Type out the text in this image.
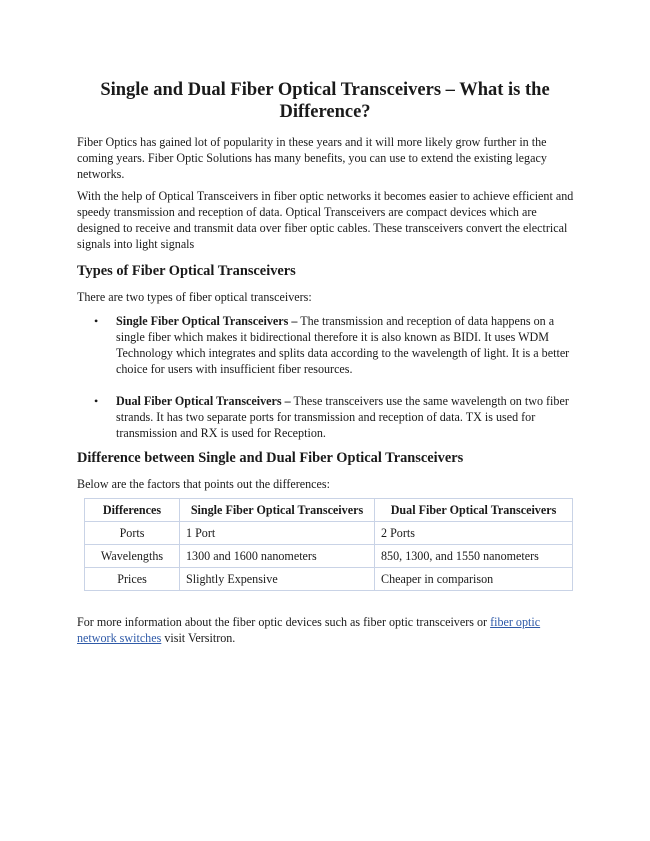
Single and Dual Fiber Optical Transceivers – What is the Difference?

Fiber Optics has gained lot of popularity in these years and it will more likely grow further in the coming years. Fiber Optic Solutions has many benefits, you can use to extend the existing legacy networks.

With the help of Optical Transceivers in fiber optic networks it becomes easier to achieve efficient and speedy transmission and reception of data. Optical Transceivers are compact devices which are designed to receive and transmit data over fiber optic cables. These transceivers convert the electrical signals into light signals

Types of Fiber Optical Transceivers

There are two types of fiber optical transceivers:

• Single Fiber Optical Transceivers – The transmission and reception of data happens on a single fiber which makes it bidirectional therefore it is also known as BIDI. It uses WDM Technology which integrates and splits data according to the wavelength of light. It is a better choice for users with insufficient fiber resources.

• Dual Fiber Optical Transceivers – These transceivers use the same wavelength on two fiber strands. It has two separate ports for transmission and reception of data. TX is used for transmission and RX is used for Reception.

Difference between Single and Dual Fiber Optical Transceivers

Below are the factors that points out the differences:

Differences	Single Fiber Optical Transceivers	Dual Fiber Optical Transceivers
Ports	1 Port	2 Ports
Wavelengths	1300 and 1600 nanometers	850, 1300, and 1550 nanometers
Prices	Slightly Expensive	Cheaper in comparison

For more information about the fiber optic devices such as fiber optic transceivers or fiber optic network switches visit Versitron.
